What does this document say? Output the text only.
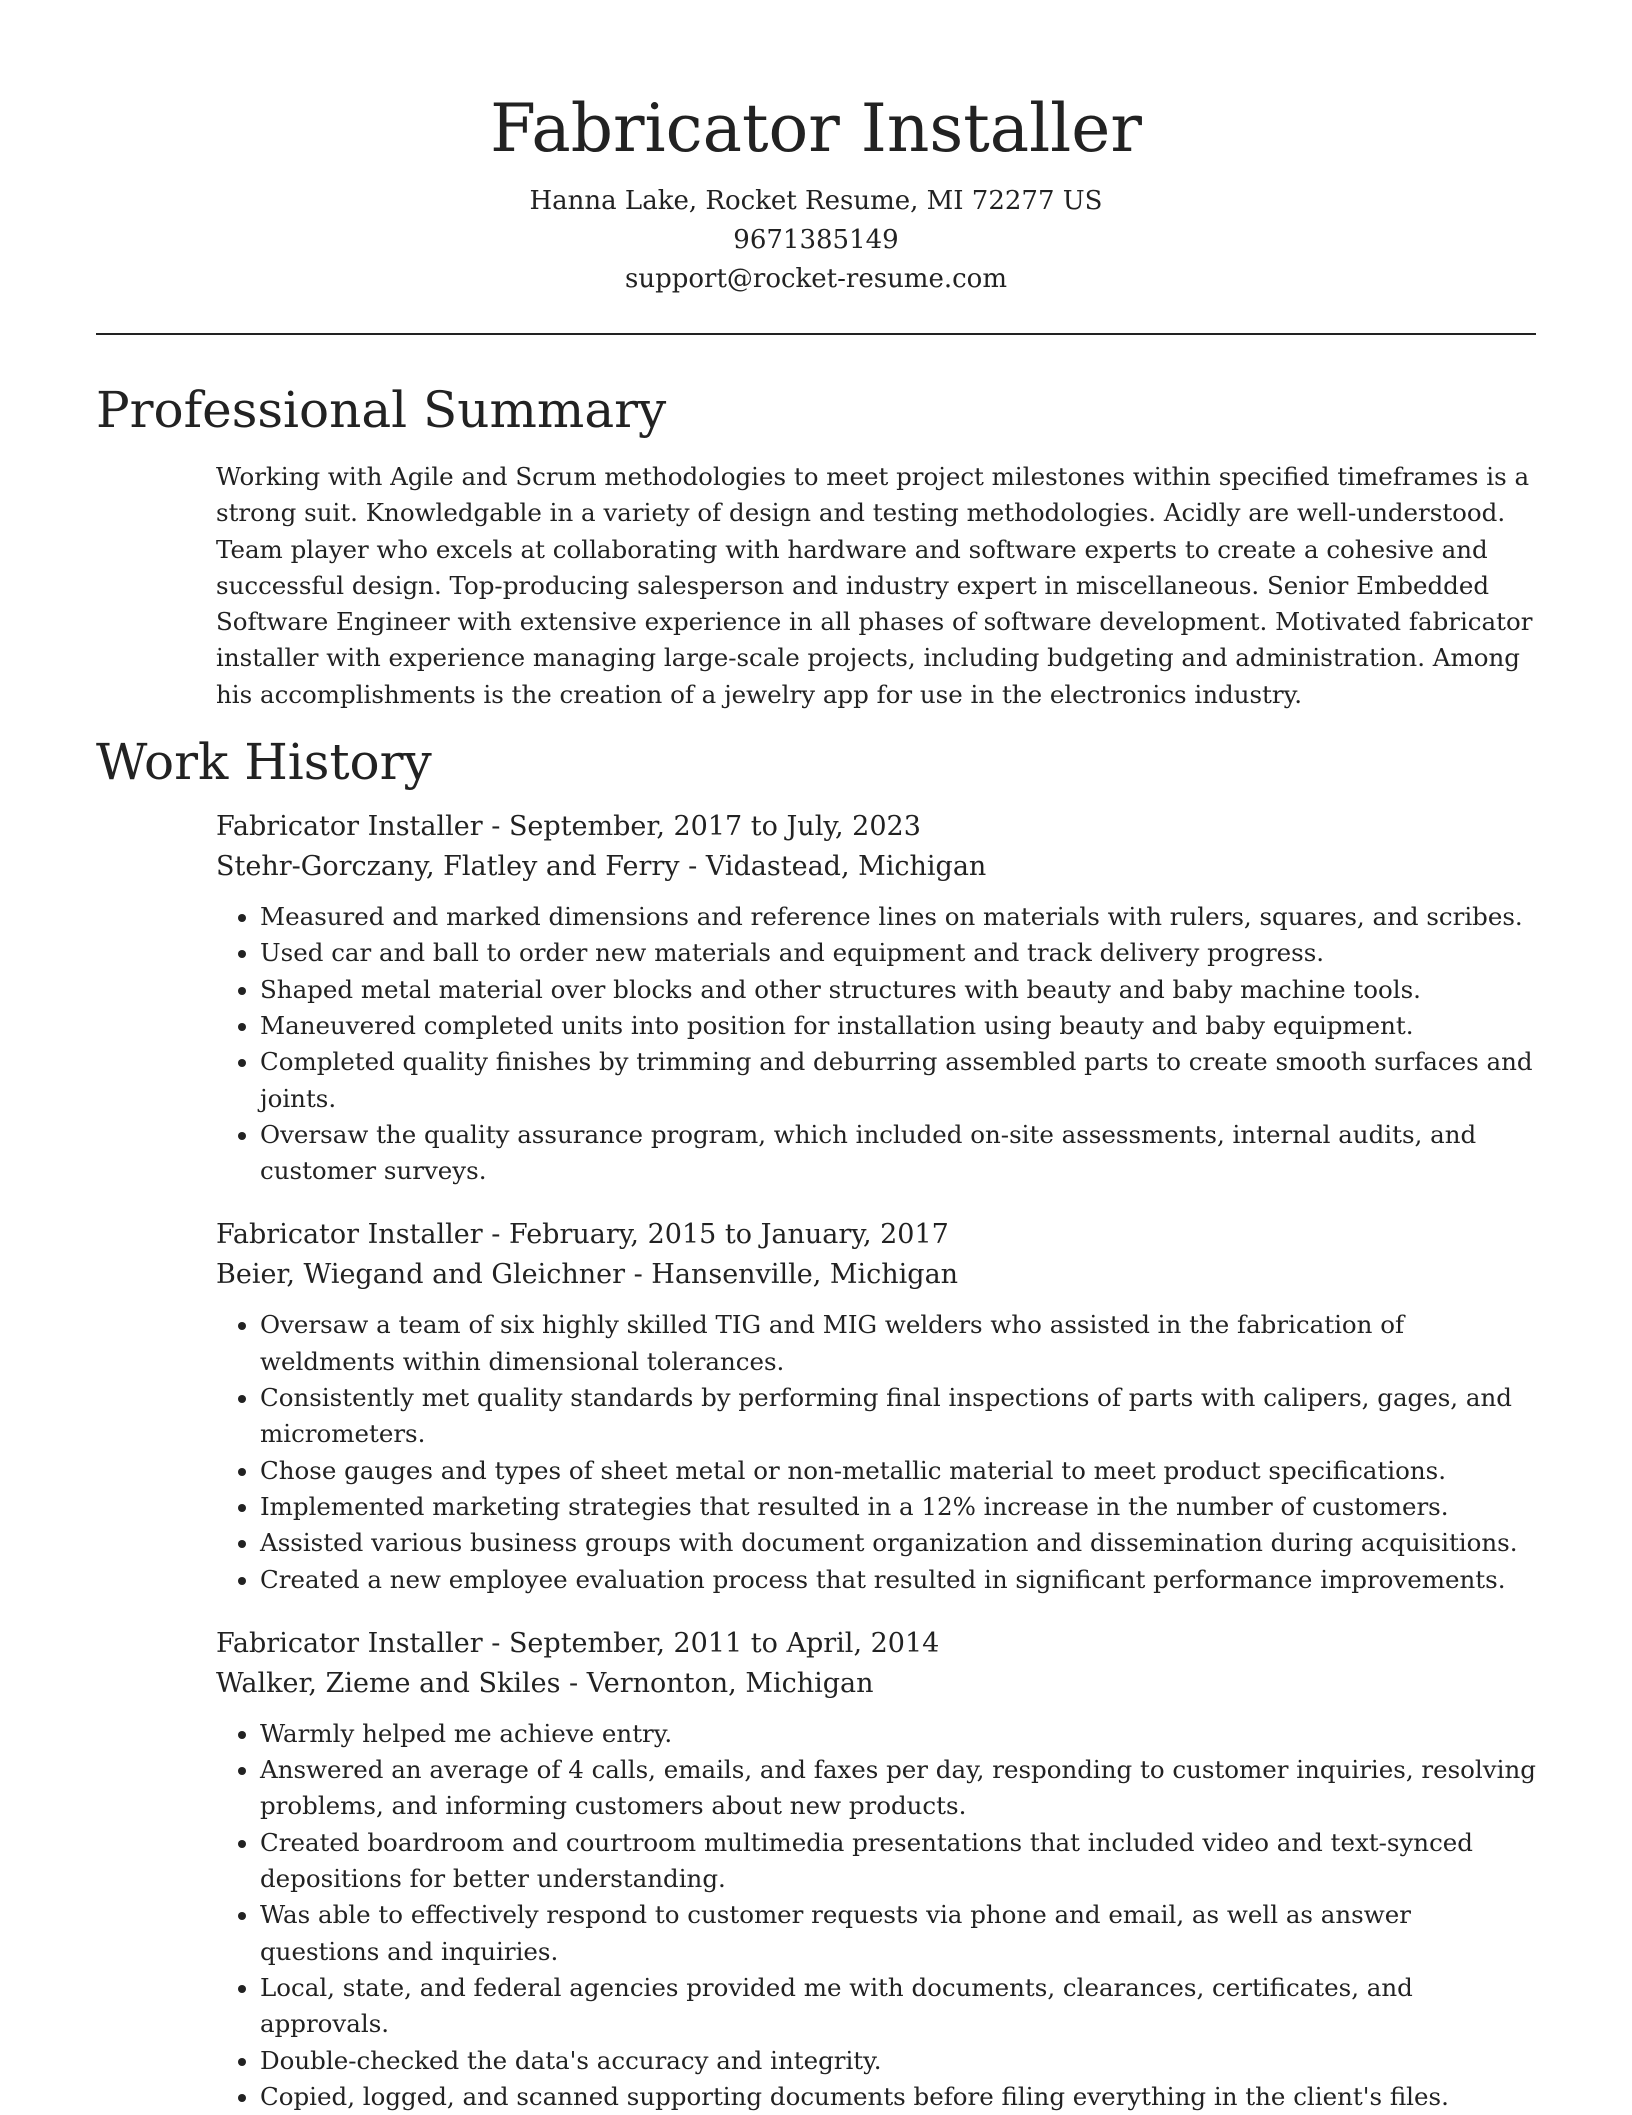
Fabricator Installer
Hanna Lake, Rocket Resume, MI 72277 US
9671385149
support@rocket-resume.com
Professional Summary

Working with Agile and Scrum methodologies to meet project milestones within specified timeframes is a strong suit. Knowledgable in a variety of design and testing methodologies. Acidly are well-understood. Team player who excels at collaborating with hardware and software experts to create a cohesive and successful design. Top-producing salesperson and industry expert in miscellaneous. Senior Embedded Software Engineer with extensive experience in all phases of software development. Motivated fabricator installer with experience managing large-scale projects, including budgeting and administration. Among his accomplishments is the creation of a jewelry app for use in the electronics industry.

Work History
Fabricator Installer - September, 2017 to July, 2023
Stehr-Gorczany, Flatley and Ferry - Vidastead, Michigan
• Measured and marked dimensions and reference lines on materials with rulers, squares, and scribes.
• Used car and ball to order new materials and equipment and track delivery progress.
• Shaped metal material over blocks and other structures with beauty and baby machine tools.
• Maneuvered completed units into position for installation using beauty and baby equipment.
• Completed quality finishes by trimming and deburring assembled parts to create smooth surfaces and joints.
• Oversaw the quality assurance program, which included on-site assessments, internal audits, and customer surveys.
Fabricator Installer - February, 2015 to January, 2017
Beier, Wiegand and Gleichner - Hansenville, Michigan
• Oversaw a team of six highly skilled TIG and MIG welders who assisted in the fabrication of weldments within dimensional tolerances.
• Consistently met quality standards by performing final inspections of parts with calipers, gages, and micrometers.
• Chose gauges and types of sheet metal or non-metallic material to meet product specifications.
• Implemented marketing strategies that resulted in a 12% increase in the number of customers.
• Assisted various business groups with document organization and dissemination during acquisitions.
• Created a new employee evaluation process that resulted in significant performance improvements.
Fabricator Installer - September, 2011 to April, 2014
Walker, Zieme and Skiles - Vernonton, Michigan
• Warmly helped me achieve entry.
• Answered an average of 4 calls, emails, and faxes per day, responding to customer inquiries, resolving problems, and informing customers about new products.
• Created boardroom and courtroom multimedia presentations that included video and text-synced depositions for better understanding.
• Was able to effectively respond to customer requests via phone and email, as well as answer questions and inquiries.
• Local, state, and federal agencies provided me with documents, clearances, certificates, and approvals.
• Double-checked the data's accuracy and integrity.
• Copied, logged, and scanned supporting documents before filing everything in the client's files.
